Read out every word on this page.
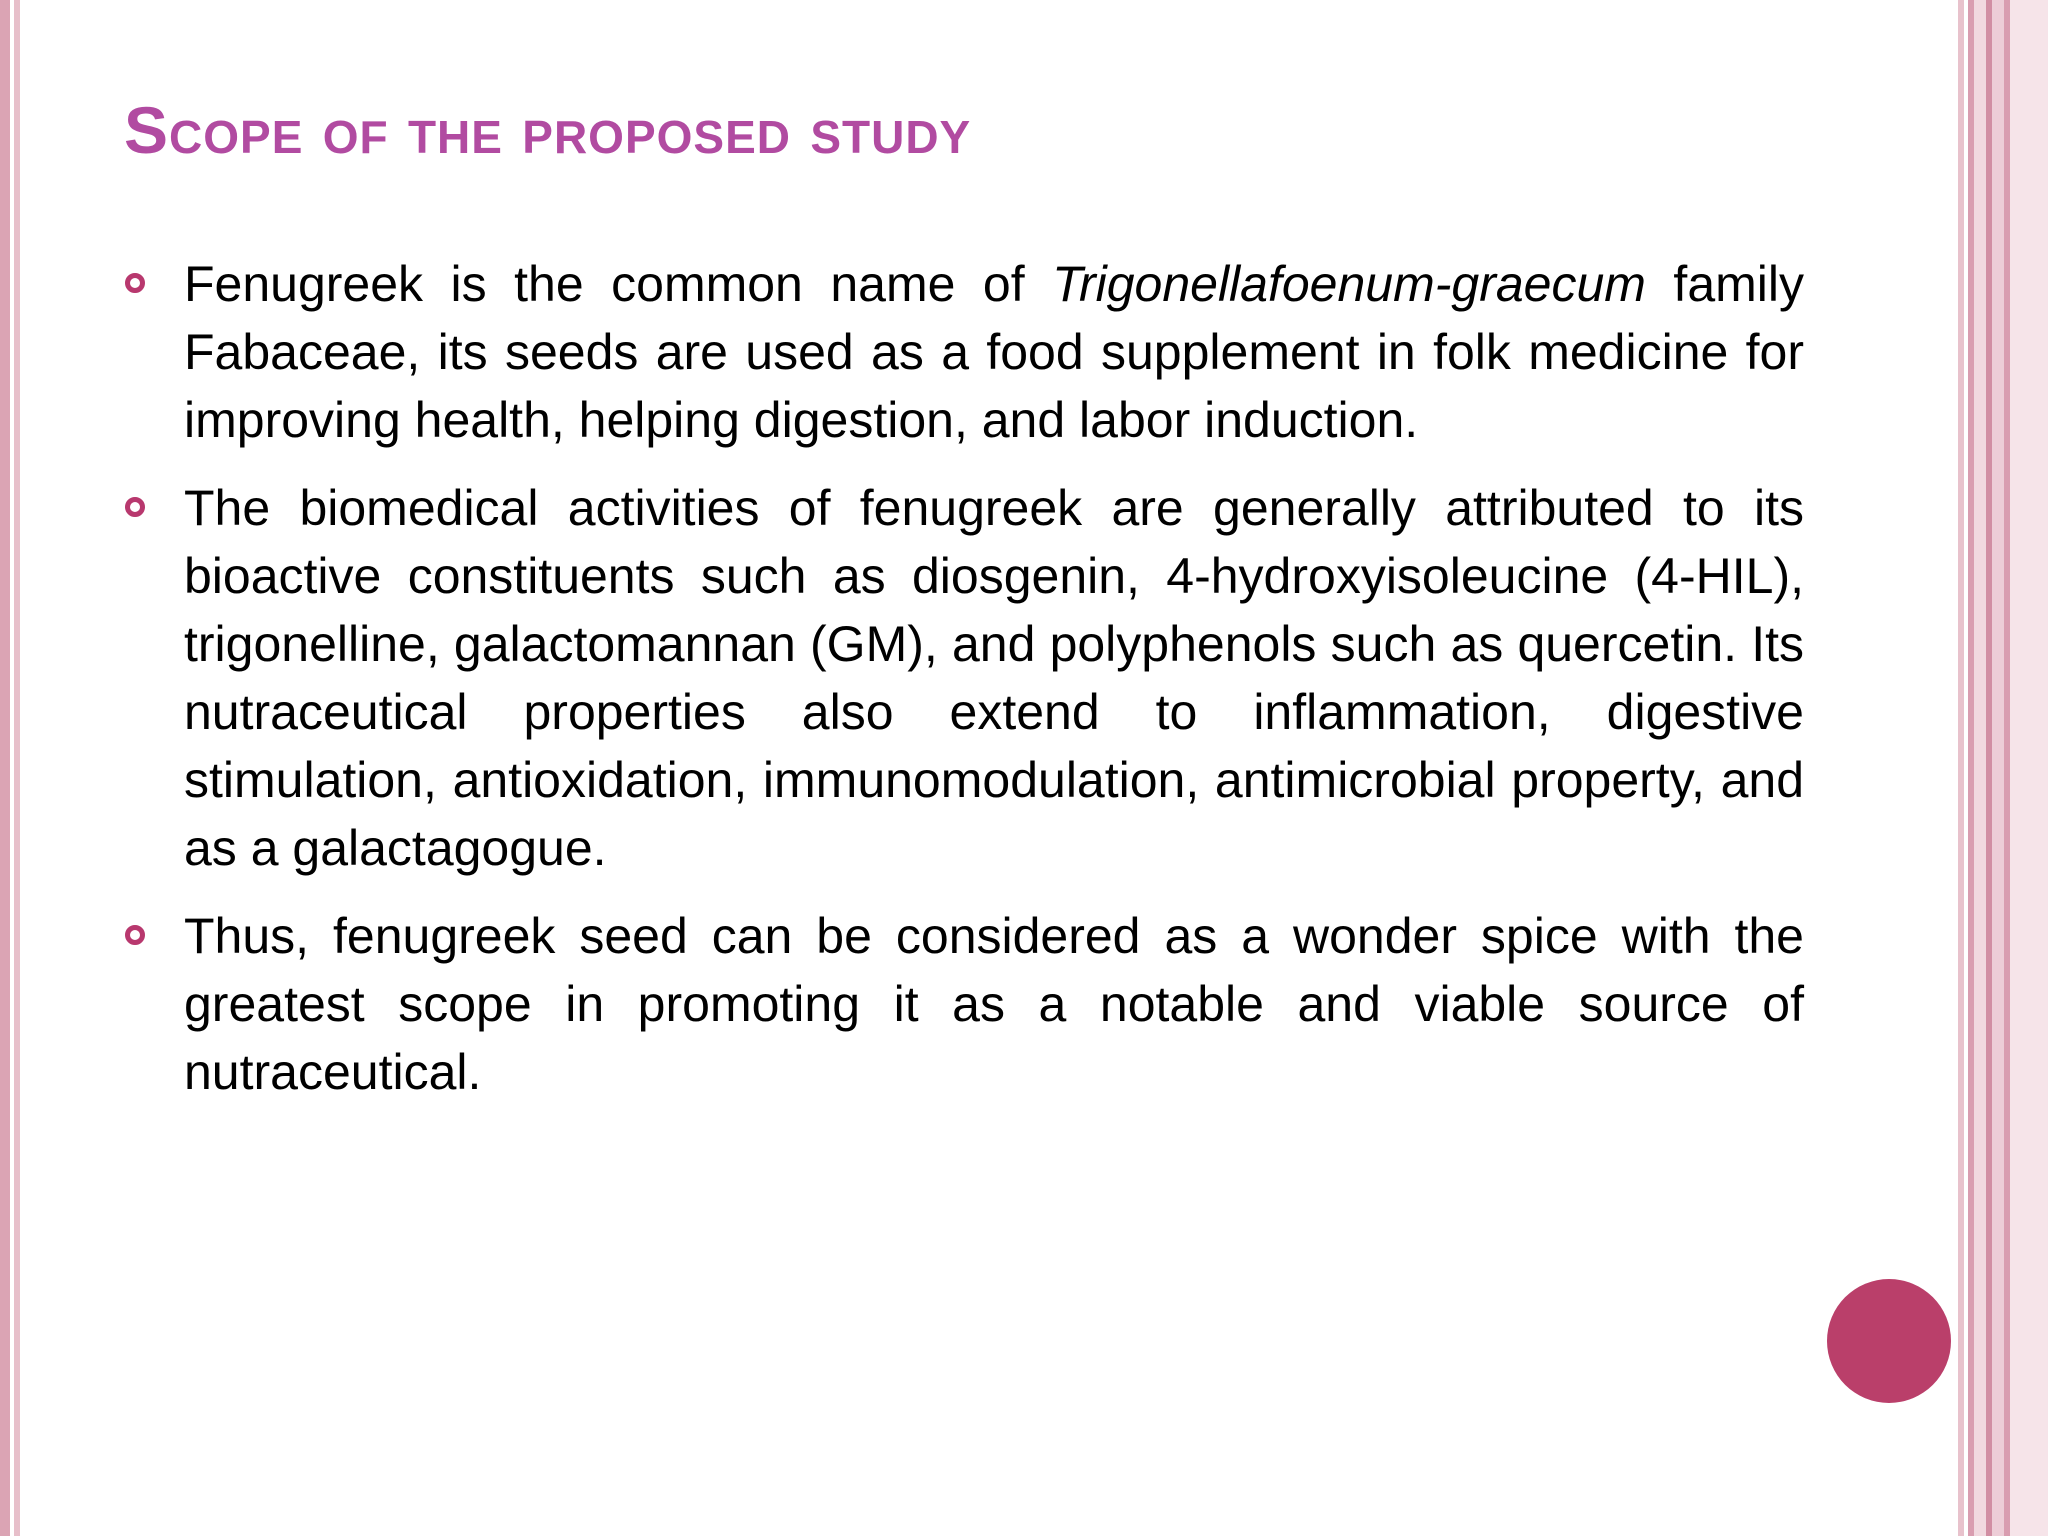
Scope of the proposed study
Fenugreek is the common name of Trigonellafoenum-graecum family Fabaceae, its seeds are used as a food supplement in folk medicine for improving health, helping digestion, and labor induction.
The biomedical activities of fenugreek are generally attributed to its bioactive constituents such as diosgenin, 4-hydroxyisoleucine (4-HIL), trigonelline, galactomannan (GM), and polyphenols such as quercetin. Its nutraceutical properties also extend to inflammation, digestive stimulation, antioxidation, immunomodulation, antimicrobial property, and as a galactagogue.
Thus, fenugreek seed can be considered as a wonder spice with the greatest scope in promoting it as a notable and viable source of nutraceutical.
